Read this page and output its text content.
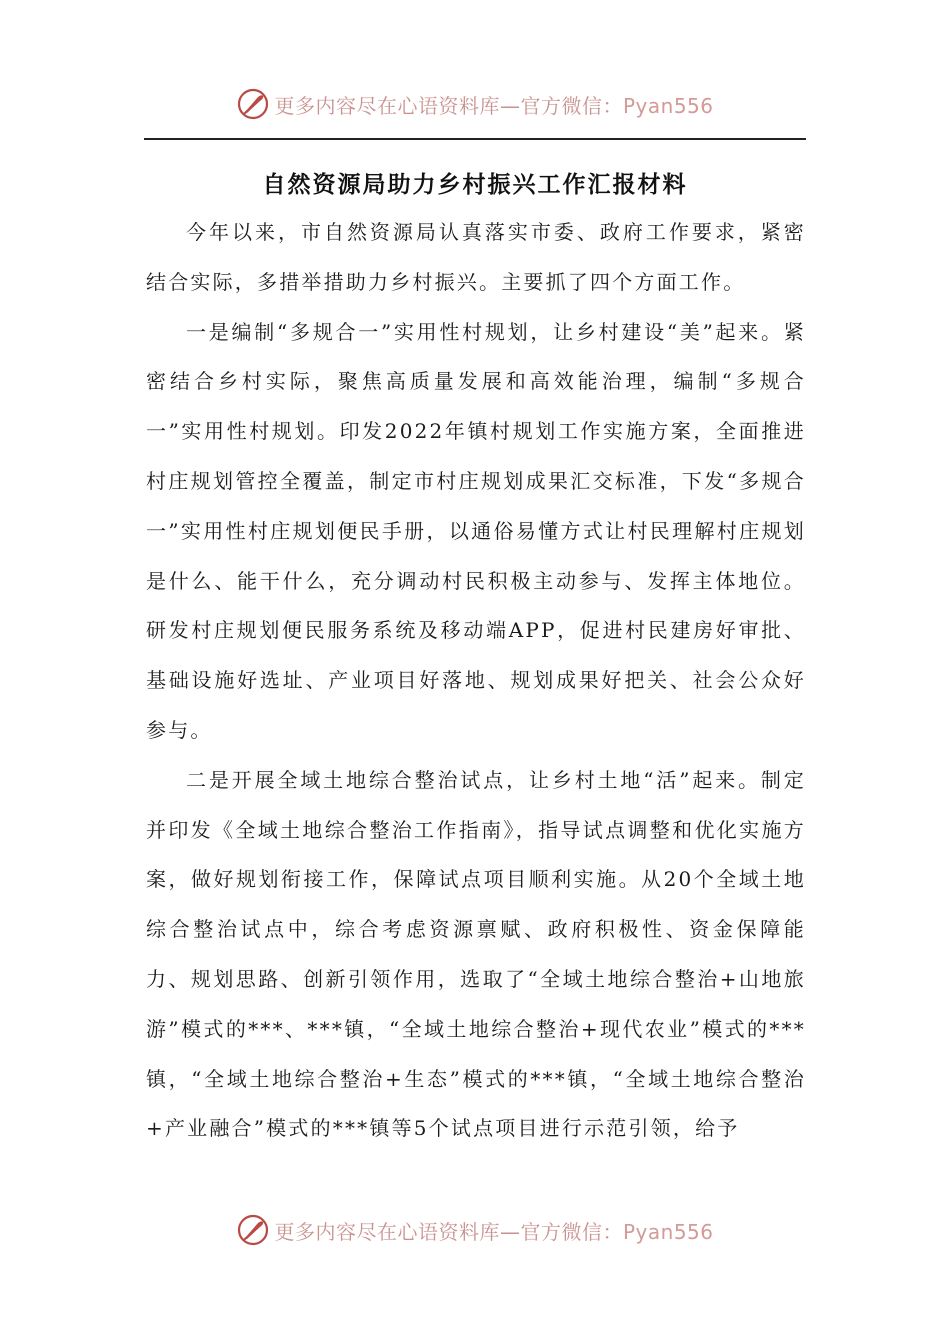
更多内容尽在心语资料库—官方微信：Pyan556
自然资源局助力乡村振兴工作汇报材料

今年以来，市自然资源局认真落实市委、政府工作要求，紧密结合实际，多措举措助力乡村振兴。主要抓了四个方面工作。

一是编制“多规合一”实用性村规划，让乡村建设“美”起来。紧密结合乡村实际，聚焦高质量发展和高效能治理，编制“多规合一”实用性村规划。印发2022年镇村规划工作实施方案，全面推进村庄规划管控全覆盖，制定市村庄规划成果汇交标准，下发“多规合一”实用性村庄规划便民手册，以通俗易懂方式让村民理解村庄规划是什么、能干什么，充分调动村民积极主动参与、发挥主体地位。研发村庄规划便民服务系统及移动端APP，促进村民建房好审批、基础设施好选址、产业项目好落地、规划成果好把关、社会公众好参与。

二是开展全域土地综合整治试点，让乡村土地“活”起来。制定并印发《全域土地综合整治工作指南》，指导试点调整和优化实施方案，做好规划衔接工作，保障试点项目顺利实施。从20个全域土地综合整治试点中，综合考虑资源禀赋、政府积极性、资金保障能力、规划思路、创新引领作用，选取了“全域土地综合整治+山地旅游”模式的***、***镇，“全域土地综合整治+现代农业”模式的***镇，“全域土地综合整治+生态”模式的***镇，“全域土地综合整治+产业融合”模式的***镇等5个试点项目进行示范引领，给予

更多内容尽在心语资料库—官方微信：Pyan556
